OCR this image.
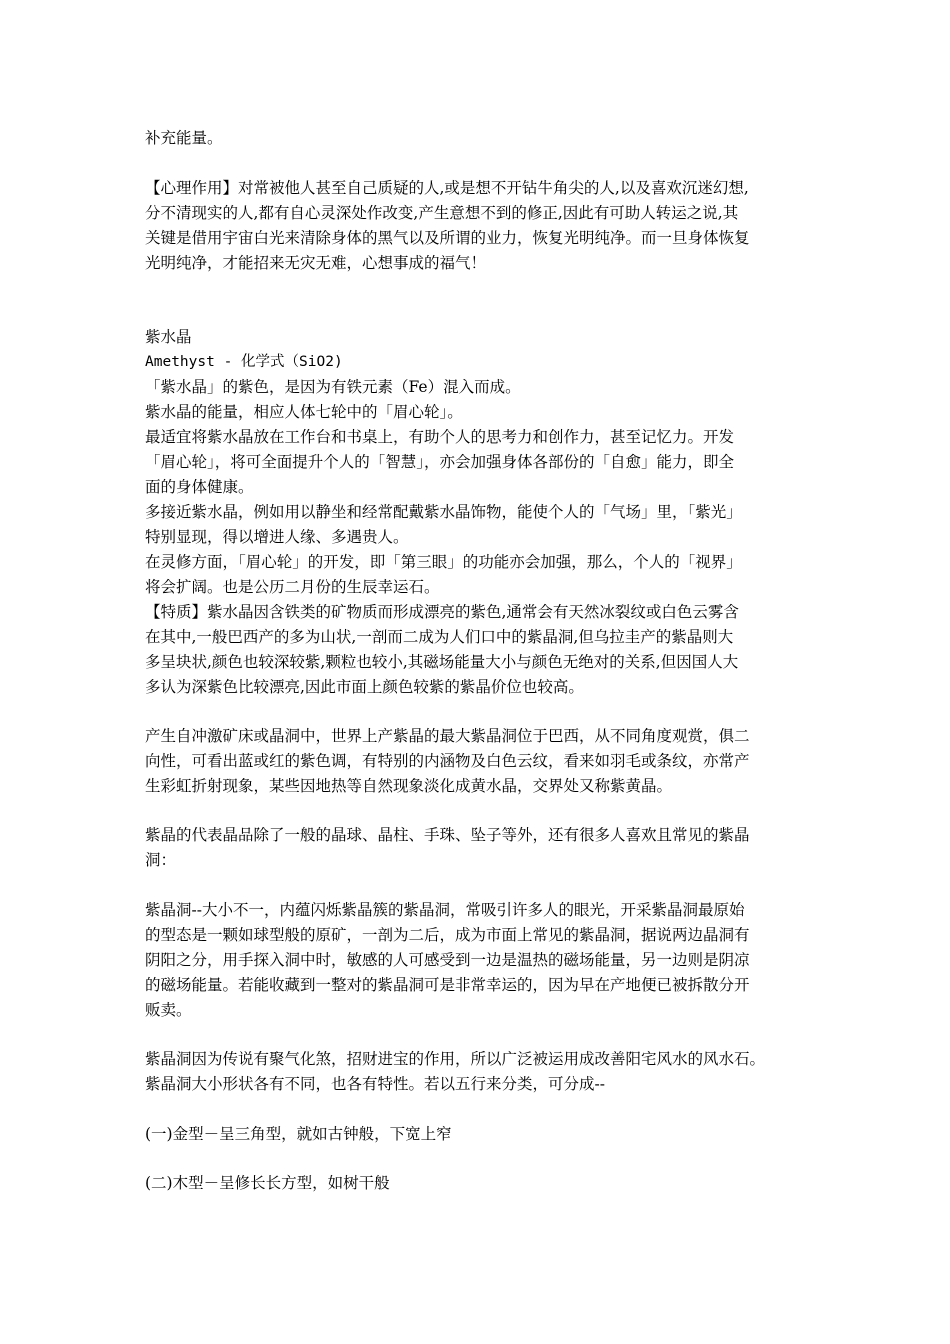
补充能量。
【心理作用】对常被他人甚至自己质疑的人,或是想不开钻牛角尖的人,以及喜欢沉迷幻想,
分不清现实的人,都有自心灵深处作改变,产生意想不到的修正,因此有可助人转运之说,其
关键是借用宇宙白光来清除身体的黑气以及所谓的业力，恢复光明纯净。而一旦身体恢复
光明纯净，才能招来无灾无难，心想事成的福气！
紫水晶
Amethyst - 化学式（SiO2)
「紫水晶」的紫色，是因为有铁元素（Fe）混入而成。
紫水晶的能量，相应人体七轮中的「眉心轮」。
最适宜将紫水晶放在工作台和书桌上，有助个人的思考力和创作力，甚至记忆力。开发
「眉心轮」，将可全面提升个人的「智慧」，亦会加强身体各部份的「自愈」能力，即全
面的身体健康。
多接近紫水晶，例如用以静坐和经常配戴紫水晶饰物，能使个人的「气场」里，「紫光」
特别显现，得以增进人缘、多遇贵人。
在灵修方面，「眉心轮」的开发，即「第三眼」的功能亦会加强，那么，个人的「视界」
将会扩阔。也是公历二月份的生辰幸运石。
【特质】紫水晶因含铁类的矿物质而形成漂亮的紫色,通常会有天然冰裂纹或白色云雾含
在其中,一般巴西产的多为山状,一剖而二成为人们口中的紫晶洞,但乌拉圭产的紫晶则大
多呈块状,颜色也较深较紫,颗粒也较小,其磁场能量大小与颜色无绝对的关系,但因国人大
多认为深紫色比较漂亮,因此市面上颜色较紫的紫晶价位也较高。
产生自冲激矿床或晶洞中，世界上产紫晶的最大紫晶洞位于巴西，从不同角度观赏，俱二
向性，可看出蓝或红的紫色调，有特别的内涵物及白色云纹，看来如羽毛或条纹，亦常产
生彩虹折射现象，某些因地热等自然现象淡化成黄水晶，交界处又称紫黄晶。
紫晶的代表晶品除了一般的晶球、晶柱、手珠、坠子等外，还有很多人喜欢且常见的紫晶
洞：
紫晶洞--大小不一，内蕴闪烁紫晶簇的紫晶洞，常吸引许多人的眼光，开采紫晶洞最原始
的型态是一颗如球型般的原矿，一剖为二后，成为市面上常见的紫晶洞，据说两边晶洞有
阴阳之分，用手探入洞中时，敏感的人可感受到一边是温热的磁场能量，另一边则是阴凉
的磁场能量。若能收藏到一整对的紫晶洞可是非常幸运的，因为早在产地便已被拆散分开
贩卖。
紫晶洞因为传说有聚气化煞，招财进宝的作用，所以广泛被运用成改善阳宅风水的风水石。
紫晶洞大小形状各有不同，也各有特性。若以五行来分类，可分成--
(一)金型－呈三角型，就如古钟般，下宽上窄
(二)木型－呈修长长方型，如树干般
